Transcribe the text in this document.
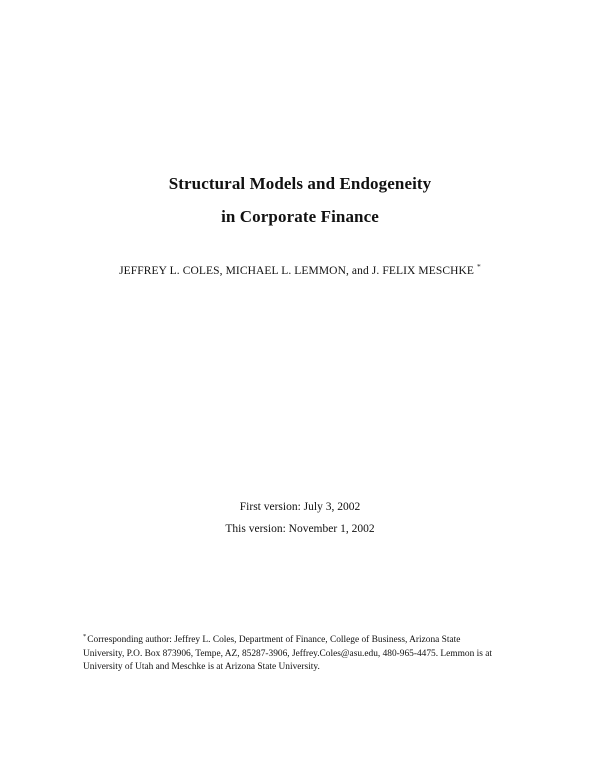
Structural Models and Endogeneity
in Corporate Finance
JEFFREY L. COLES, MICHAEL L. LEMMON, and J. FELIX MESCHKE *
First version: July 3, 2002
This version: November 1, 2002
*Corresponding author: Jeffrey L. Coles, Department of Finance, College of Business, Arizona State
University, P.O. Box 873906, Tempe, AZ, 85287-3906, Jeffrey.Coles@asu.edu, 480-965-4475. Lemmon is at
University of Utah and Meschke is at Arizona State University.
